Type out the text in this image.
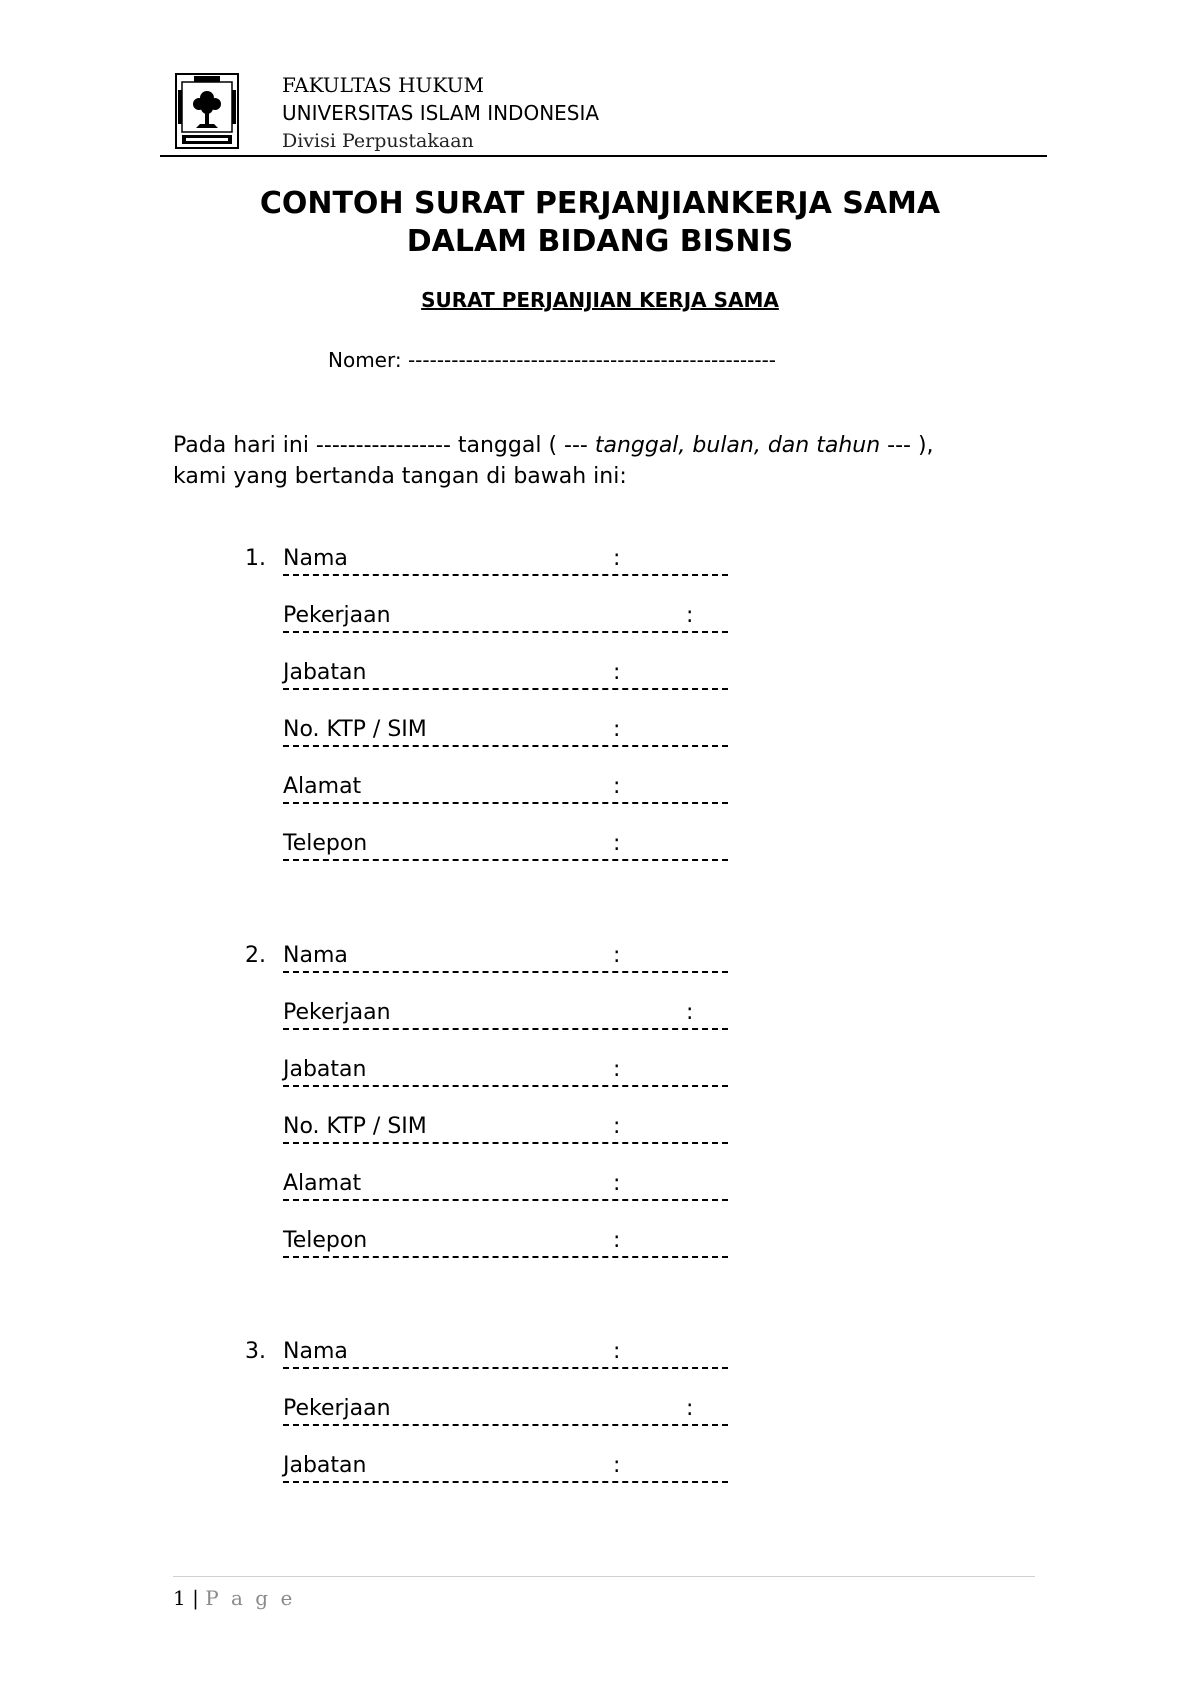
FAKULTAS HUKUM
UNIVERSITAS ISLAM INDONESIA
Divisi Perpustakaan
CONTOH SURAT PERJANJIANKERJA SAMA
DALAM BIDANG BISNIS
SURAT PERJANJIAN KERJA SAMA
Nomer: ---------------------------------------------------
Pada hari ini ----------------- tanggal ( --- tanggal, bulan, dan tahun --- ),
kami yang bertanda tangan di bawah ini:
1. Nama	:
Pekerjaan	:
Jabatan	:
No. KTP / SIM	:
Alamat	:
Telepon	:
2. Nama	:
Pekerjaan	:
Jabatan	:
No. KTP / SIM	:
Alamat	:
Telepon	:
3. Nama	:
Pekerjaan	:
Jabatan	:
1 | P a g e
